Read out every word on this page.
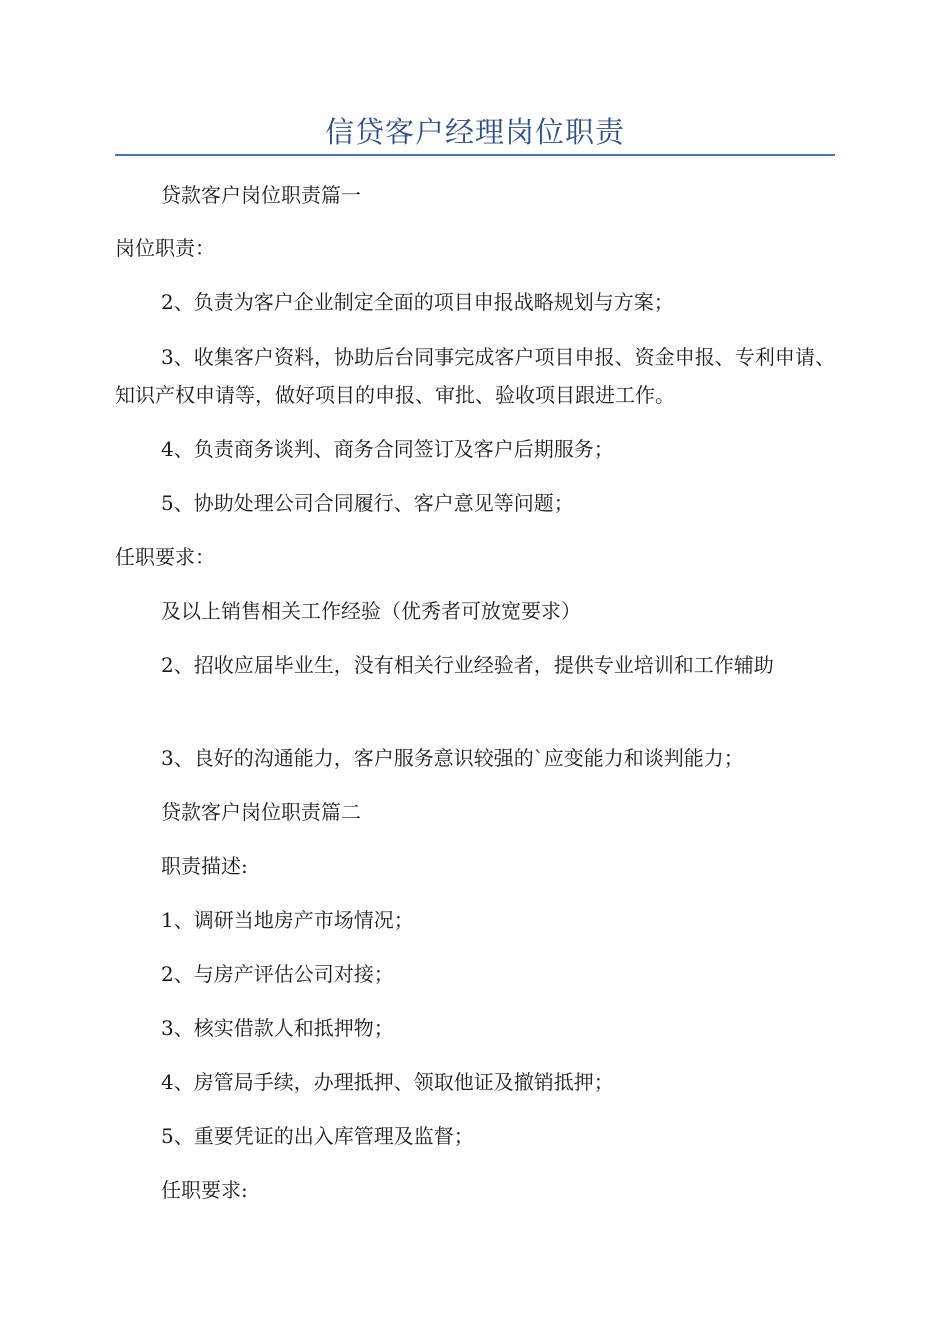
信贷客户经理岗位职责

贷款客户岗位职责篇一

岗位职责：

2、负责为客户企业制定全面的项目申报战略规划与方案；

3、收集客户资料，协助后台同事完成客户项目申报、资金申报、专利申请、知识产权申请等，做好项目的申报、审批、验收项目跟进工作。

4、负责商务谈判、商务合同签订及客户后期服务；

5、协助处理公司合同履行、客户意见等问题；

任职要求：

及以上销售相关工作经验（优秀者可放宽要求）

2、招收应届毕业生，没有相关行业经验者，提供专业培训和工作辅助

3、良好的沟通能力，客户服务意识较强的`应变能力和谈判能力；

贷款客户岗位职责篇二

职责描述:

1、调研当地房产市场情况；

2、与房产评估公司对接；

3、核实借款人和抵押物；

4、房管局手续，办理抵押、领取他证及撤销抵押；

5、重要凭证的出入库管理及监督；

任职要求:
